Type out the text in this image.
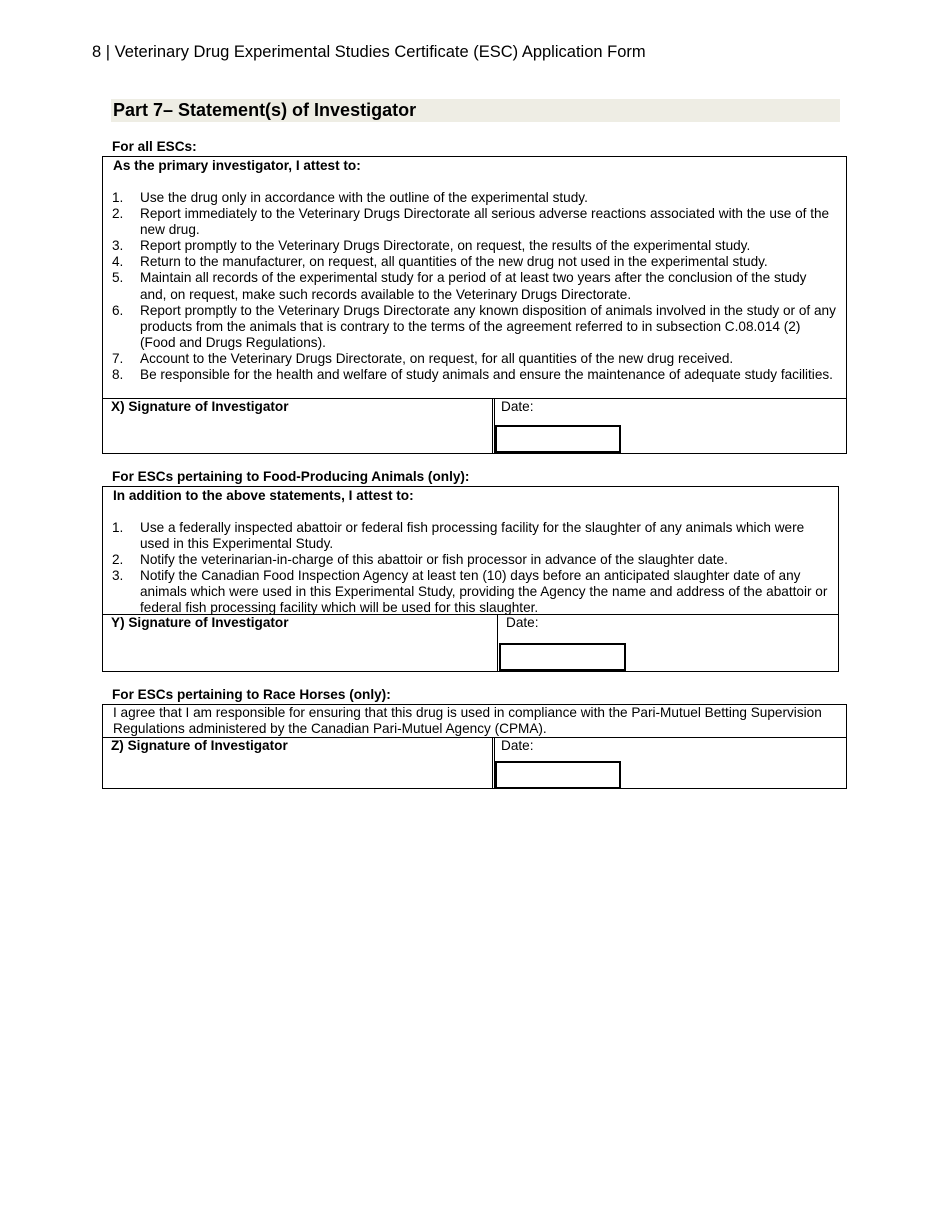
8 | Veterinary Drug Experimental Studies Certificate (ESC) Application Form
Part 7– Statement(s) of Investigator
For all ESCs:
As the primary investigator, I attest to:
1. Use the drug only in accordance with the outline of the experimental study.
2. Report immediately to the Veterinary Drugs Directorate all serious adverse reactions associated with the use of the new drug.
3. Report promptly to the Veterinary Drugs Directorate, on request, the results of the experimental study.
4. Return to the manufacturer, on request, all quantities of the new drug not used in the experimental study.
5. Maintain all records of the experimental study for a period of at least two years after the conclusion of the study and, on request, make such records available to the Veterinary Drugs Directorate.
6. Report promptly to the Veterinary Drugs Directorate any known disposition of animals involved in the study or of any products from the animals that is contrary to the terms of the agreement referred to in subsection C.08.014 (2) (Food and Drugs Regulations).
7. Account to the Veterinary Drugs Directorate, on request, for all quantities of the new drug received.
8. Be responsible for the health and welfare of study animals and ensure the maintenance of adequate study facilities.
X) Signature of Investigator	Date:
For ESCs pertaining to Food-Producing Animals (only):
In addition to the above statements, I attest to:
1. Use a federally inspected abattoir or federal fish processing facility for the slaughter of any animals which were used in this Experimental Study.
2. Notify the veterinarian-in-charge of this abattoir or fish processor in advance of the slaughter date.
3. Notify the Canadian Food Inspection Agency at least ten (10) days before an anticipated slaughter date of any animals which were used in this Experimental Study, providing the Agency the name and address of the abattoir or federal fish processing facility which will be used for this slaughter.
Y) Signature of Investigator	Date:
For ESCs pertaining to Race Horses (only):
I agree that I am responsible for ensuring that this drug is used in compliance with the Pari-Mutuel Betting Supervision Regulations administered by the Canadian Pari-Mutuel Agency (CPMA).
Z) Signature of Investigator	Date:
